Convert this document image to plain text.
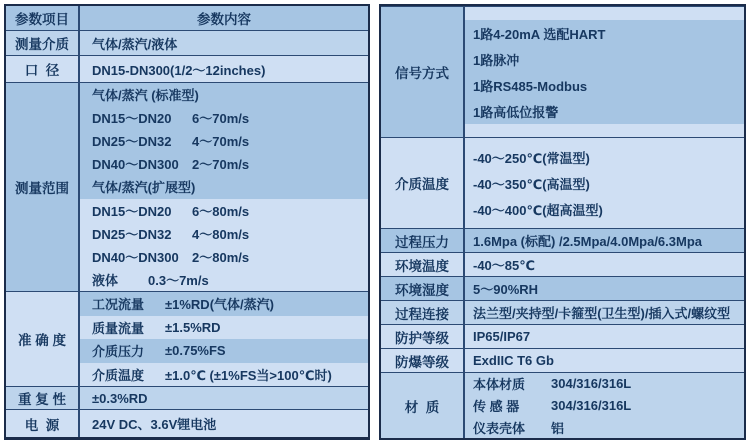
参数项目	参数内容
测量介质	气体/蒸汽/液体
口  径	DN15-DN300(1/2～12inches)
测量范围
气体/蒸汽 (标准型)
DN15～DN20	6～70m/s
DN25～DN32	4～70m/s
DN40～DN300	2～70m/s
气体/蒸汽(扩展型)
DN15～DN20	6～80m/s
DN25～DN32	4～80m/s
DN40～DN300	2～80m/s
液体	0.3～7m/s
准 确 度
工况流量	±1%RD(气体/蒸汽)
质量流量	±1.5%RD
介质压力	±0.75%FS
介质温度	±1.0℃ (±1%FS当>100℃时)
重 复 性	±0.3%RD
电  源	24V DC、3.6V锂电池
信号方式
1路4-20mA 选配HART
1路脉冲
1路RS485-Modbus
1路高低位报警
介质温度
-40～250℃(常温型)
-40～350℃(高温型)
-40～400℃(超高温型)
过程压力	1.6Mpa (标配) /2.5Mpa/4.0Mpa/6.3Mpa
环境温度	-40～85℃
环境湿度	5～90%RH
过程连接	法兰型/夹持型/卡箍型(卫生型)/插入式/螺纹型
防护等级	IP65/IP67
防爆等级	ExdIIC T6 Gb
材  质
本体材质	304/316/316L
传 感 器	304/316/316L
仪表壳体	铝
